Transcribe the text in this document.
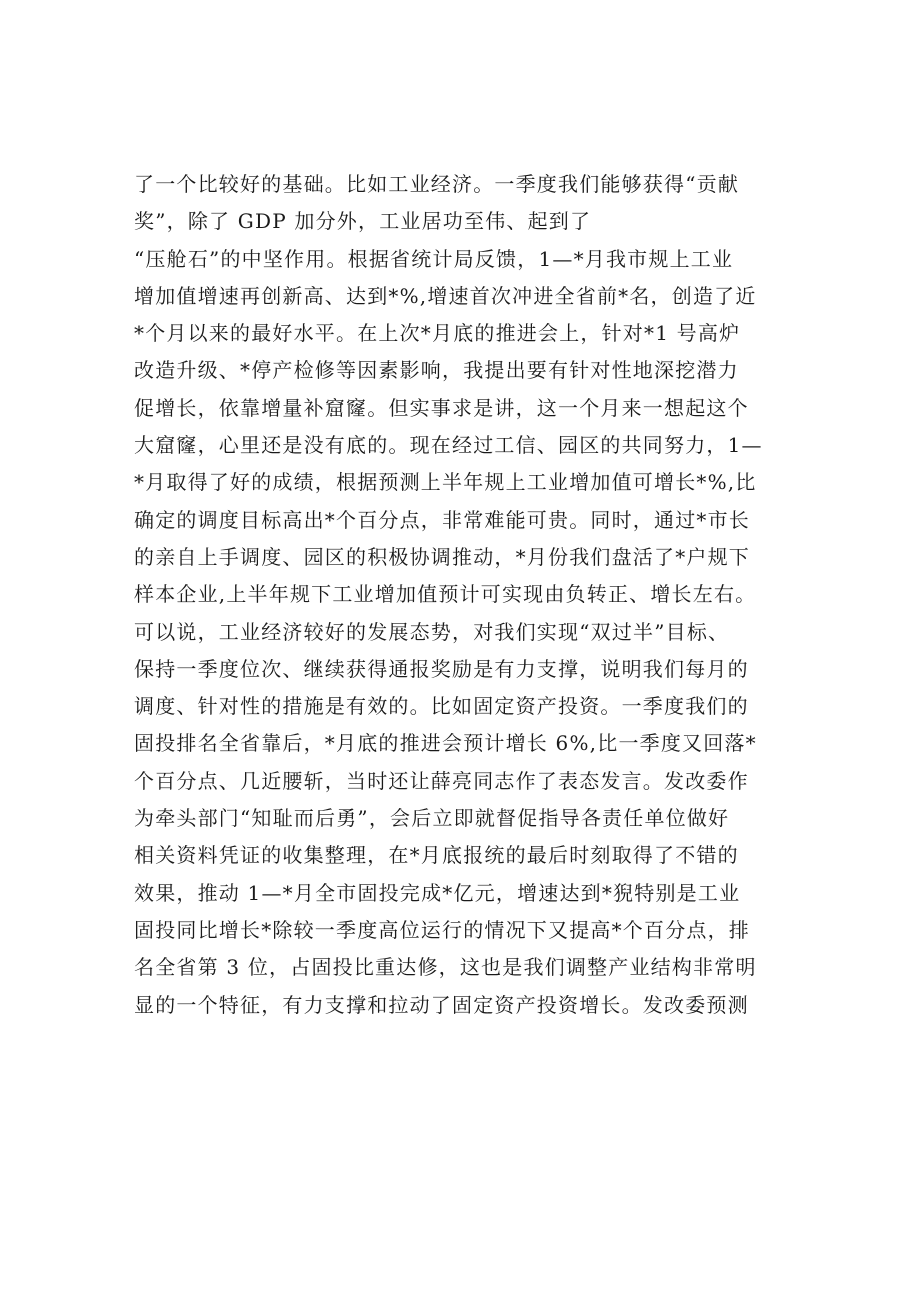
了一个比较好的基础。比如工业经济。一季度我们能够获得“贡献
奖”，除了 GDP 加分外，工业居功至伟、起到了
“压舱石”的中坚作用。根据省统计局反馈，1—*月我市规上工业
增加值增速再创新高、达到*%,增速首次冲进全省前*名，创造了近
*个月以来的最好水平。在上次*月底的推进会上，针对*1 号高炉
改造升级、*停产检修等因素影响，我提出要有针对性地深挖潜力
促增长，依靠增量补窟窿。但实事求是讲，这一个月来一想起这个
大窟窿，心里还是没有底的。现在经过工信、园区的共同努力，1—
*月取得了好的成绩，根据预测上半年规上工业增加值可增长*%,比
确定的调度目标高出*个百分点，非常难能可贵。同时，通过*市长
的亲自上手调度、园区的积极协调推动，*月份我们盘活了*户规下
样本企业,上半年规下工业增加值预计可实现由负转正、增长左右。
可以说，工业经济较好的发展态势，对我们实现“双过半”目标、
保持一季度位次、继续获得通报奖励是有力支撑，说明我们每月的
调度、针对性的措施是有效的。比如固定资产投资。一季度我们的
固投排名全省靠后，*月底的推进会预计增长 6%,比一季度又回落*
个百分点、几近腰斩，当时还让薛亮同志作了表态发言。发改委作
为牵头部门“知耻而后勇”，会后立即就督促指导各责任单位做好
相关资料凭证的收集整理，在*月底报统的最后时刻取得了不错的
效果，推动 1—*月全市固投完成*亿元，增速达到*猊特别是工业
固投同比增长*除较一季度高位运行的情况下又提高*个百分点，排
名全省第 3 位，占固投比重达修，这也是我们调整产业结构非常明
显的一个特征，有力支撑和拉动了固定资产投资增长。发改委预测
